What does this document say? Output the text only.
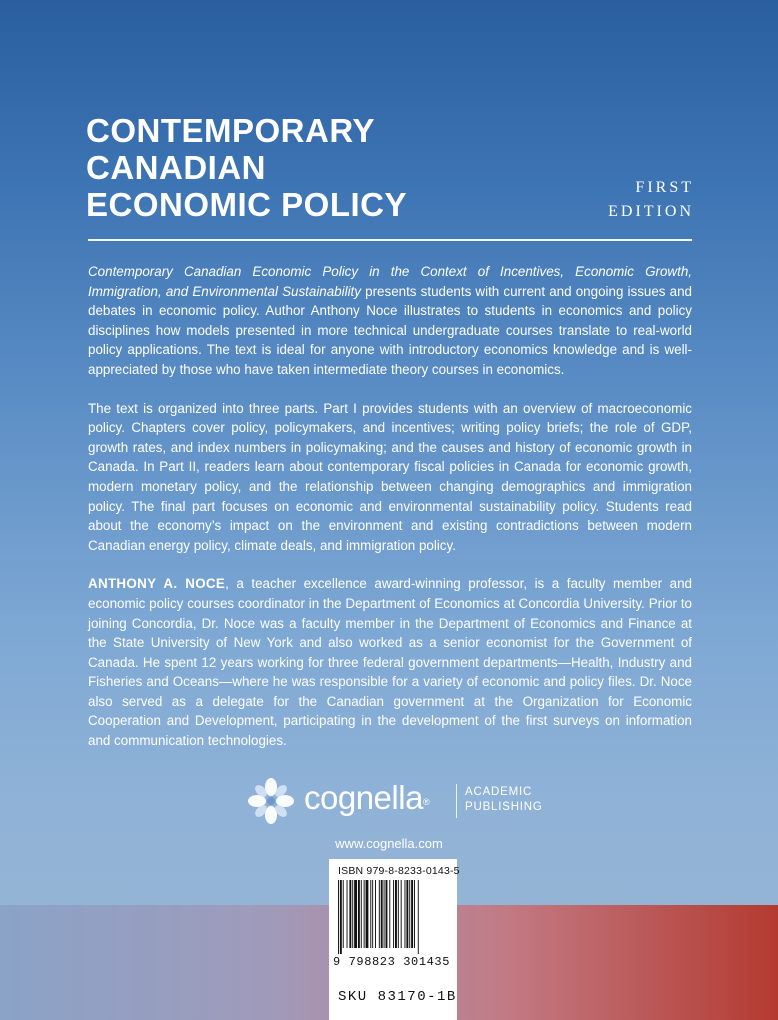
CONTEMPORARY
CANADIAN
ECONOMIC POLICY	FIRST
EDITION

Contemporary Canadian Economic Policy in the Context of Incentives, Economic Growth, Immigration, and Environmental Sustainability presents students with current and ongoing issues and debates in economic policy. Author Anthony Noce illustrates to students in economics and policy disciplines how models presented in more technical undergraduate courses translate to real-world policy applications. The text is ideal for anyone with introductory economics knowledge and is well-appreciated by those who have taken intermediate theory courses in economics.

The text is organized into three parts. Part I provides students with an overview of macroeconomic policy. Chapters cover policy, policymakers, and incentives; writing policy briefs; the role of GDP, growth rates, and index numbers in policymaking; and the causes and history of economic growth in Canada. In Part II, readers learn about contemporary fiscal policies in Canada for economic growth, modern monetary policy, and the relationship between changing demographics and immigration policy. The final part focuses on economic and environmental sustainability policy. Students read about the economy’s impact on the environment and existing contradictions between modern Canadian energy policy, climate deals, and immigration policy.

ANTHONY A. NOCE, a teacher excellence award-winning professor, is a faculty member and economic policy courses coordinator in the Department of Economics at Concordia University. Prior to joining Concordia, Dr. Noce was a faculty member in the Department of Economics and Finance at the State University of New York and also worked as a senior economist for the Government of Canada. He spent 12 years working for three federal government departments—Health, Industry and Fisheries and Oceans—where he was responsible for a variety of economic and policy files. Dr. Noce also served as a delegate for the Canadian government at the Organization for Economic Cooperation and Development, participating in the development of the first surveys on information and communication technologies.

cognella®
ACADEMIC
PUBLISHING
www.cognella.com
ISBN 979-8-8233-0143-5
9 798823 301435
SKU 83170-1B
